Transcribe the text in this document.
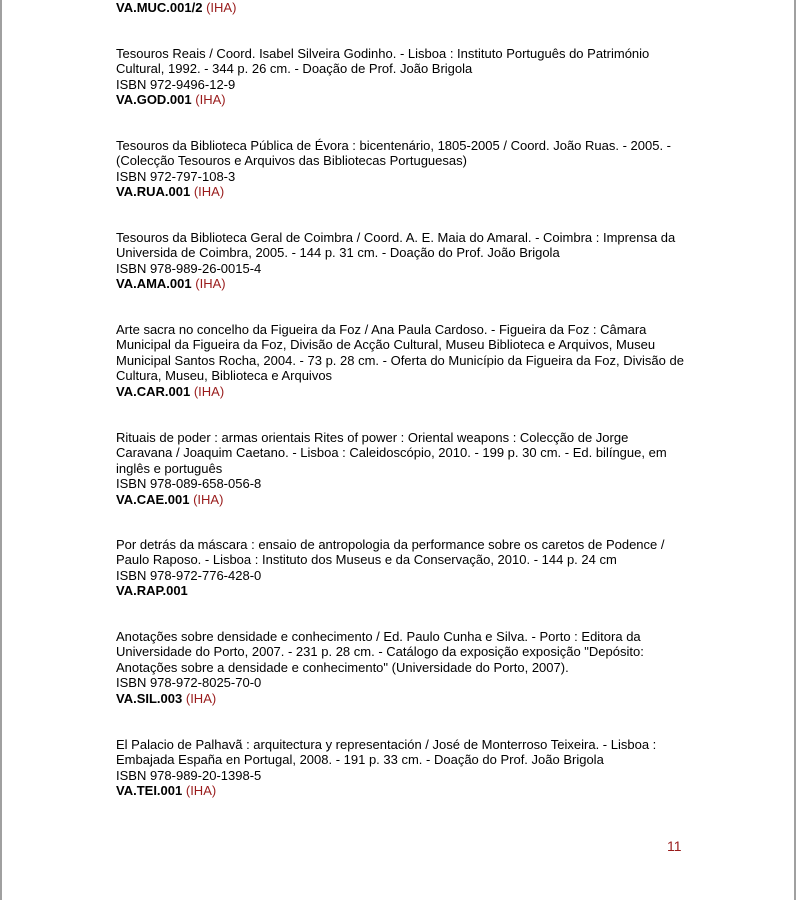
VA.MUC.001/2 (IHA)
Tesouros Reais / Coord. Isabel Silveira Godinho. - Lisboa : Instituto Português do Património Cultural, 1992. - 344 p. 26 cm. - Doação de Prof. João Brigola
ISBN 972-9496-12-9
VA.GOD.001 (IHA)
Tesouros da Biblioteca Pública de Évora : bicentenário, 1805-2005 / Coord. João Ruas. - 2005. - (Colecção Tesouros e Arquivos das Bibliotecas Portuguesas)
ISBN 972-797-108-3
VA.RUA.001 (IHA)
Tesouros da Biblioteca Geral de Coimbra / Coord. A. E. Maia do Amaral. - Coimbra : Imprensa da Universida de Coimbra, 2005. - 144 p. 31 cm. - Doação do Prof. João Brigola
ISBN 978-989-26-0015-4
VA.AMA.001 (IHA)
Arte sacra no concelho da Figueira da Foz / Ana Paula Cardoso. - Figueira da Foz : Câmara Municipal da Figueira da Foz, Divisão de Acção Cultural, Museu Biblioteca e Arquivos, Museu Municipal Santos Rocha, 2004. - 73 p. 28 cm. - Oferta do Município da Figueira da Foz, Divisão de Cultura, Museu, Biblioteca e Arquivos
VA.CAR.001 (IHA)
Rituais de poder : armas orientais Rites of power : Oriental weapons : Colecção de Jorge Caravana / Joaquim Caetano. - Lisboa : Caleidoscópio, 2010. - 199 p. 30 cm. - Ed. bilíngue, em inglês e português
ISBN 978-089-658-056-8
VA.CAE.001 (IHA)
Por detrás da máscara : ensaio de antropologia da performance sobre os caretos de Podence / Paulo Raposo. - Lisboa : Instituto dos Museus e da Conservação, 2010. - 144 p. 24 cm
ISBN 978-972-776-428-0
VA.RAP.001
Anotações sobre densidade e conhecimento / Ed. Paulo Cunha e Silva. - Porto : Editora da Universidade do Porto, 2007. - 231 p. 28 cm. - Catálogo da exposição exposição "Depósito: Anotações sobre a densidade e conhecimento" (Universidade do Porto, 2007).
ISBN 978-972-8025-70-0
VA.SIL.003 (IHA)
El Palacio de Palhavã : arquitectura y representación / José de Monterroso Teixeira. - Lisboa : Embajada España en Portugal, 2008. - 191 p. 33 cm. - Doação do Prof. João Brigola
ISBN 978-989-20-1398-5
VA.TEI.001 (IHA)
11
